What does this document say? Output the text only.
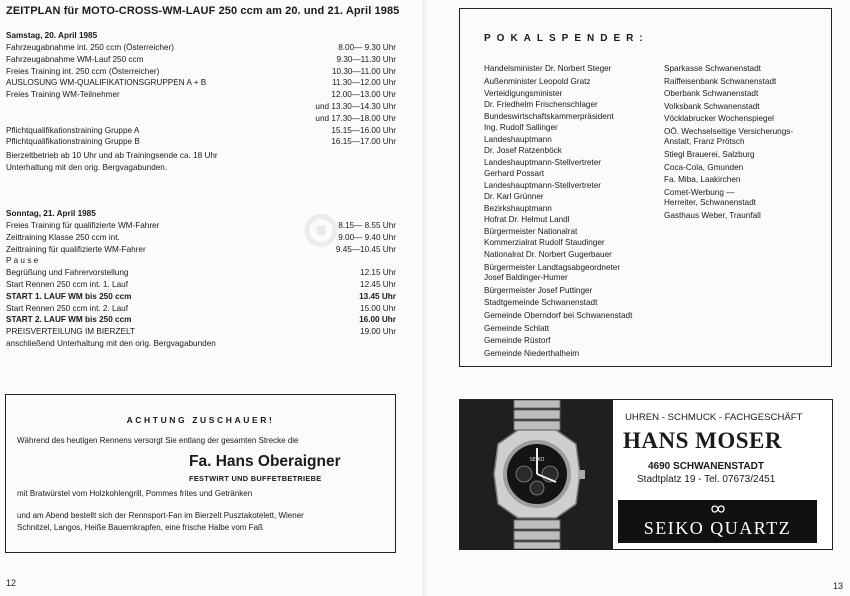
⊙
ZEITPLAN für MOTO-CROSS-WM-LAUF 250 ccm am 20. und 21. April 1985
Samstag, 20. April 1985
Fahrzeugabnahme int. 250 ccm (Österreicher)	8.00— 9.30 Uhr
Fahrzeugabnahme WM-Lauf 250 ccm	9.30—11.30 Uhr
Freies Training int. 250 ccm (Österreicher)	10.30—11.00 Uhr
AUSLOSUNG WM-QUALIFIKATIONSGRUPPEN A + B	11.30—12.00 Uhr
Freies Training WM-Teilnehmer	12.00—13.00 Uhr
und 13.30—14.30 Uhr
und 17.30—18.00 Uhr
Pflichtqualifikationstraining Gruppe A	15.15—16.00 Uhr
Pflichtqualifikationstraining Gruppe B	16.15—17.00 Uhr
Bierzeltbetrieb ab 10 Uhr und ab Trainingsende ca. 18 Uhr
Unterhaltung mit den orig. Bergvagabunden.
Sonntag, 21. April 1985
Freies Training für qualifizierte WM-Fahrer	8.15— 8.55 Uhr
Zeittraining Klasse 250 ccm int.	9.00— 9.40 Uhr
Zeittraining für qualifizierte WM-Fahrer	9.45—10.45 Uhr
P a u s e
Begrüßung und Fahrervorstellung	12.15 Uhr
Start Rennen 250 ccm int. 1. Lauf	12.45 Uhr
START 1. LAUF WM bis 250 ccm	13.45 Uhr
Start Rennen 250 ccm int. 2. Lauf	15.00 Uhr
START 2. LAUF WM bis 250 ccm	16.00 Uhr
PREISVERTEILUNG IM BIERZELT	19.00 Uhr
anschließend Unterhaltung mit den orig. Bergvagabunden
ACHTUNG ZUSCHAUER!
Während des heutigen Rennens versorgt Sie entlang der gesamten Strecke die
Fa. Hans Oberaigner
FESTWIRT UND BUFFETBETRIEBE
mit Bratwürstel vom Holzkohlengrill, Pommes frites und Getränken
und am Abend bestellt sich der Rennsport-Fan im Bierzelt Pusztakotelett, Wiener
Schnitzel, Langos, Heiße Bauernkrapfen, eine frische Halbe vom Faß
12	13
POKALSPENDER:
Handelsminister Dr. Norbert Steger
Außenminister Leopold Gratz
Verteidigungsminister
Dr. Friedhelm Frischenschlager
Bundeswirtschaftskammerpräsident
Ing. Rudolf Sallinger
Landeshauptmann
Dr. Josef Ratzenböck
Landeshauptmann-Stellvertreter
Gerhard Possart
Landeshauptmann-Stellvertreter
Dr. Karl Grünner
Bezirkshauptmann
Hofrat Dr. Helmut Landl
Bürgermeister Nationalrat
Kommerzialrat Rudolf Staudinger
Nationalrat Dr. Norbert Gugerbauer
Bürgermeister Landtagsabgeordneter
Josef Baldinger-Humer
Bürgermeister Josef Puttinger
Stadtgemeinde Schwanenstadt
Gemeinde Oberndorf bei Schwanenstadt
Gemeinde Schlatt
Gemeinde Rüstorf
Gemeinde Niederthalheim
Sparkasse Schwanenstadt
Raiffeisenbank Schwanenstadt
Oberbank Schwanenstadt
Volksbank Schwanenstadt
Vöcklabrucker Wochenspiegel
OÖ. Wechselseitige Versicherungs-
Anstalt, Franz Prötsch
Stiegl Brauerei, Salzburg
Coca-Cola, Gmunden
Fa. Miba, Laakirchen
Comet-Werbung —
Herreiter, Schwanenstadt
Gasthaus Weber, Traunfall
SEIKO
UHREN - SCHMUCK - FACHGESCHÄFT
HANS MOSER
4690 SCHWANENSTADT
Stadtplatz 19 - Tel. 07673/2451
SEIKO QUARTZ
